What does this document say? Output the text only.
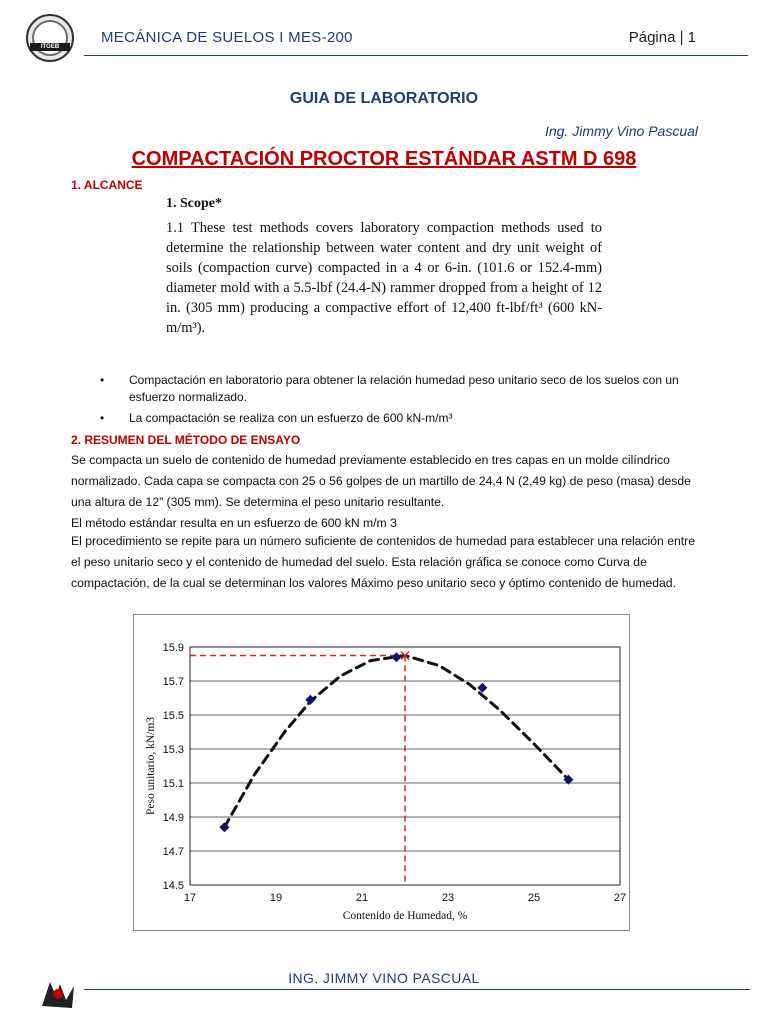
ITGEB
MECÁNICA DE SUELOS I MES-200	Página | 1
GUIA DE LABORATORIO
Ing. Jimmy Vino Pascual
COMPACTACIÓN PROCTOR ESTÁNDAR ASTM D 698
1. ALCANCE
1. Scope*
1.1 These test methods covers laboratory compaction methods used to determine the relationship between water content and dry unit weight of soils (compaction curve) compacted in a 4 or 6-in. (101.6 or 152.4-mm) diameter mold with a 5.5-lbf (24.4-N) rammer dropped from a height of 12 in. (305 mm) producing a compactive effort of 12,400 ft-lbf/ft³ (600 kN-m/m³).
• Compactación en laboratorio para obtener la relación humedad peso unitario seco de los suelos con un esfuerzo normalizado.
• La compactación se realiza con un esfuerzo de 600 kN-m/m³
2. RESUMEN DEL MÉTODO DE ENSAYO
Se compacta un suelo de contenido de humedad previamente establecido en tres capas en un molde cilíndrico normalizado. Cada capa se compacta con 25 o 56 golpes de un martillo de 24,4 N (2,49 kg) de peso (masa) desde una altura de 12” (305 mm). Se determina el peso unitario resultante.
El método estándar resulta en un esfuerzo de 600 kN m/m 3
El procedimiento se repite para un número suficiente de contenidos de humedad para establecer una relación entre el peso unitario seco y el contenido de humedad del suelo. Esta relación gráfica se conoce como Curva de compactación, de la cual se determinan los valores Máximo peso unitario seco y óptimo contenido de humedad.
14.5
14.7
14.9
15.1
15.3
15.5
15.7
15.9
17	19	21	23	25	27
Contenido de Humedad, %
Peso unitario, kN/m3
ING. JIMMY VINO PASCUAL
